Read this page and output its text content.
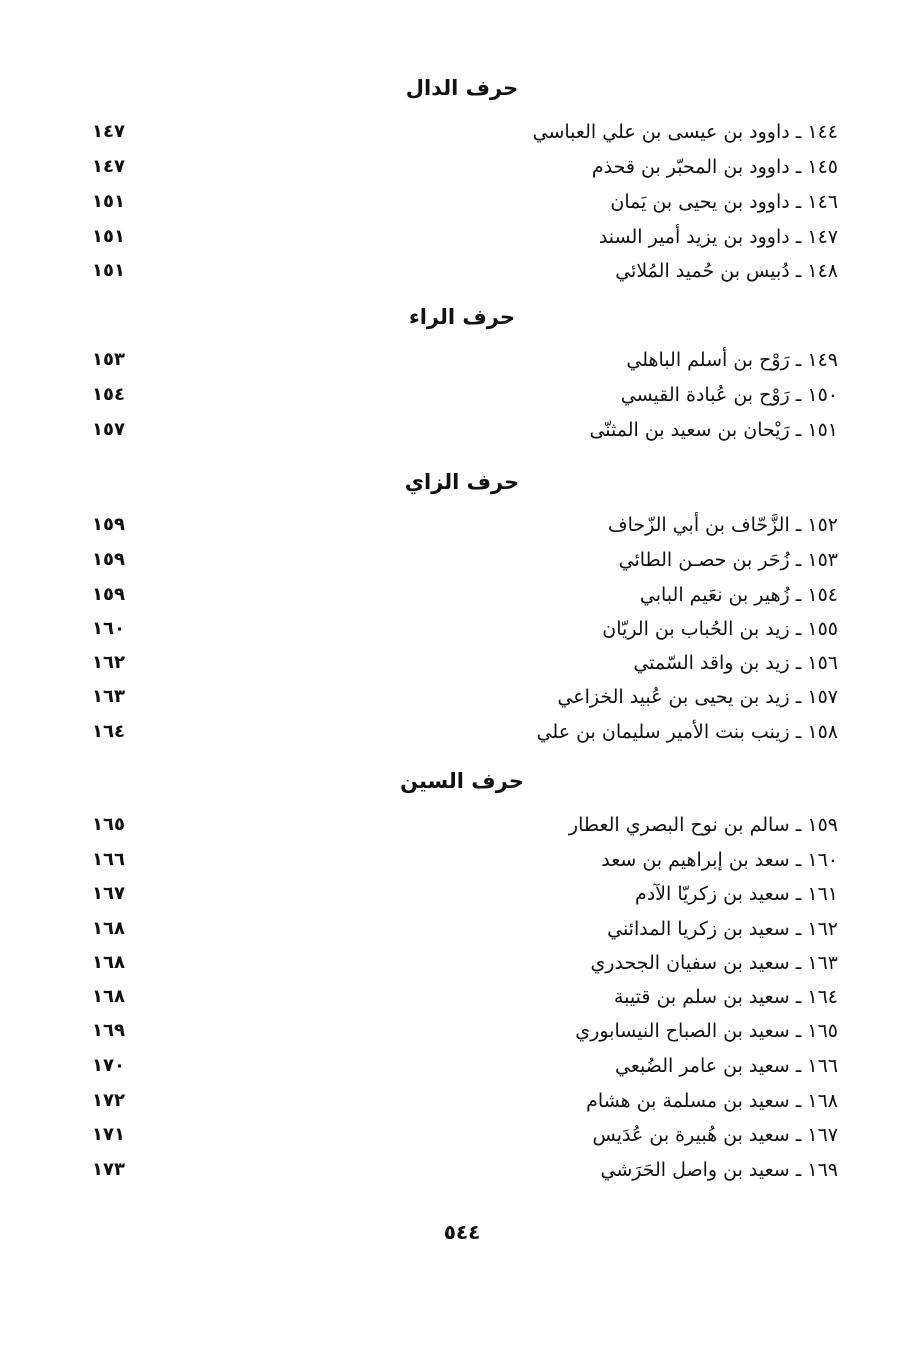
حرف الدال
١٤٤ ـ داوود بن عيسى بن علي العباسي
١٤٧
١٤٥ ـ داوود بن المحبّر بن قحذم
١٤٧
١٤٦ ـ داوود بن يحيى بن يَمان
١٥١
١٤٧ ـ داوود بن يزيد أمير السند
١٥١
١٤٨ ـ دُبيس بن حُميد المُلائي
١٥١
حرف الراء
١٤٩ ـ رَوْح بن أسلم الباهلي
١٥٣
١٥٠ ـ رَوْح بن عُبادة القيسي
١٥٤
١٥١ ـ رَيْحان بن سعيد بن المثنّى
١٥٧
حرف الزاي
١٥٢ ـ الزَّحّاف بن أبي الزّحاف
١٥٩
١٥٣ ـ زُحَر بن حصـن الطائي
١٥٩
١٥٤ ـ زُهير بن نعَيم البابي
١٥٩
١٥٥ ـ زيد بن الحُباب بن الريّان
١٦٠
١٥٦ ـ زيد بن واقد السّمتي
١٦٢
١٥٧ ـ زيد بن يحيى بن عُبيد الخزاعي
١٦٣
١٥٨ ـ زينب بنت الأمير سليمان بن علي
١٦٤
حرف السين
١٥٩ ـ سالم بن نوح البصري العطار
١٦٥
١٦٠ ـ سعد بن إبراهيم بن سعد
١٦٦
١٦١ ـ سعيد بن زكريّا الآدم
١٦٧
١٦٢ ـ سعيد بن زكريا المدائني
١٦٨
١٦٣ ـ سعيد بن سفيان الجحدري
١٦٨
١٦٤ ـ سعيد بن سلم بن قتيبة
١٦٨
١٦٥ ـ سعيد بن الصباح النيسابوري
١٦٩
١٦٦ ـ سعيد بن عامر الضُبعي
١٧٠
١٦٨ ـ سعيد بن مسلمة بن هشام
١٧٢
١٦٧ ـ سعيد بن هُبيرة بن عُدَيس
١٧١
١٦٩ ـ سعيد بن واصل الحَرَشي
١٧٣
٥٤٤
